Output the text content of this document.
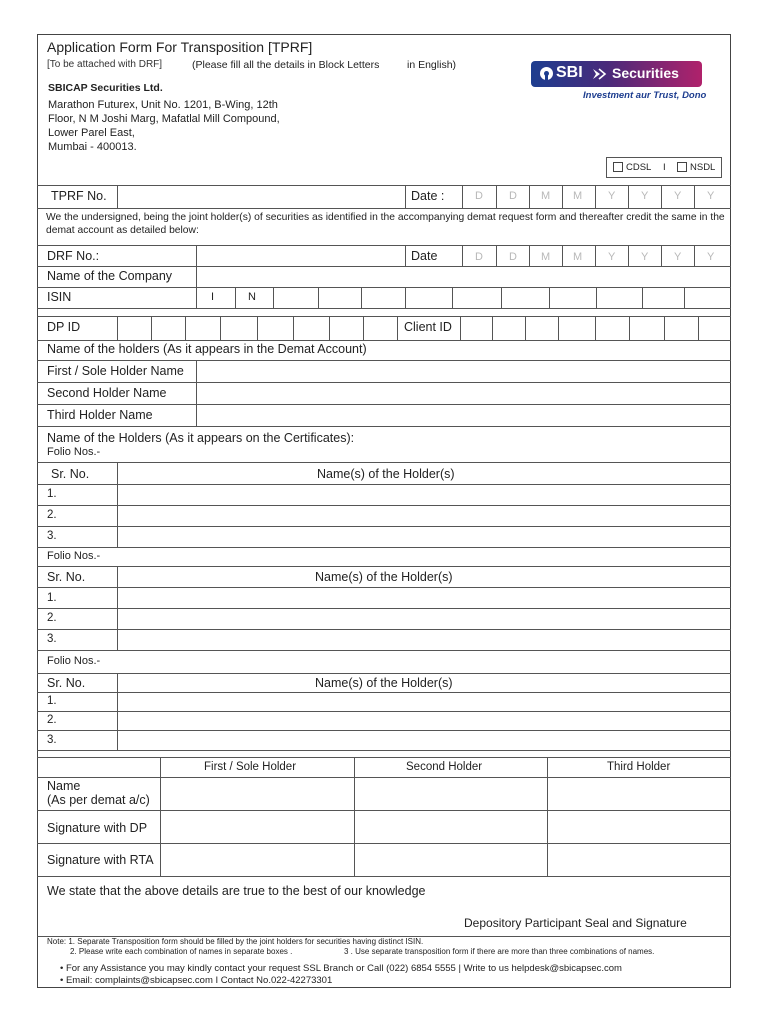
Application Form For Transposition [TPRF]
[To be attached with DRF]	(Please fill all the details in Block Letters	in English)
SBICAP Securities Ltd.
Marathon Futurex, Unit No. 1201, B-Wing, 12th
Floor, N M Joshi Marg, Mafatlal Mill Compound,
Lower Parel East,
Mumbai - 400013.
SBI Securities
Investment aur Trust, Dono
CDSL I	NSDL
TPRF No.	Date :	D D M M Y Y Y Y
We the undersigned, being the joint holder(s) of securities as identified in the accompanying demat request form and thereafter credit the same in the demat account as detailed below:
DRF No.:	Date	D D M M Y Y Y Y
Name of the Company
ISIN	I	N
DP ID	Client ID
Name of the holders (As it appears in the Demat Account)
First / Sole Holder Name
Second Holder Name
Third Holder Name
Name of the Holders (As it appears on the Certificates):
Folio Nos.-
Sr. No.	Name(s) of the Holder(s)
1.
2.
3.
Folio Nos.-
Sr. No.	Name(s) of the Holder(s)
1.
2.
3.
Folio Nos.-
Sr. No.	Name(s) of the Holder(s)
1.
2.
3.
First / Sole Holder	Second Holder	Third Holder
Name
(As per demat a/c)
Signature with DP
Signature with RTA
We state that the above details are true to the best of our knowledge
Depository Participant Seal and Signature
Note: 1. Separate Transposition form should be filled by the joint holders for securities having distinct ISIN.
2. Please write each combination of names in separate boxes .	3 . Use separate transposition form if there are more than three combinations of names.
• For any Assistance you may kindly contact your request SSL Branch or Call (022) 6854 5555 | Write to us helpdesk@sbicapsec.com
• Email: complaints@sbicapsec.com I Contact No.022-42273301
